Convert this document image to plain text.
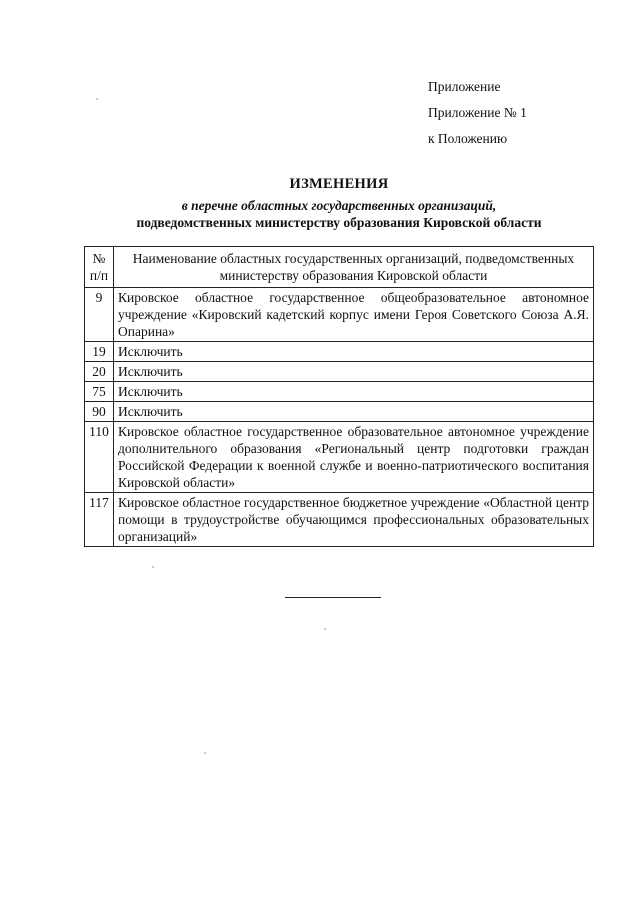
Приложение
Приложение № 1
к Положению
ИЗМЕНЕНИЯ
в перечне областных государственных организаций,
подведомственных министерству образования Кировской области
№ п/п	Наименование областных государственных организаций, подведомственных министерству образования Кировской области
9	Кировское областное государственное общеобразовательное автономное учреждение «Кировский кадетский корпус имени Героя Советского Союза А.Я. Опарина»
19	Исключить
20	Исключить
75	Исключить
90	Исключить
110	Кировское областное государственное образовательное автономное учреждение дополнительного образования «Региональный центр подготовки граждан Российской Федерации к военной службе и военно-патриотического воспитания Кировской области»
117	Кировское областное государственное бюджетное учреждение «Областной центр помощи в трудоустройстве обучающимся профессиональных образовательных организаций»
